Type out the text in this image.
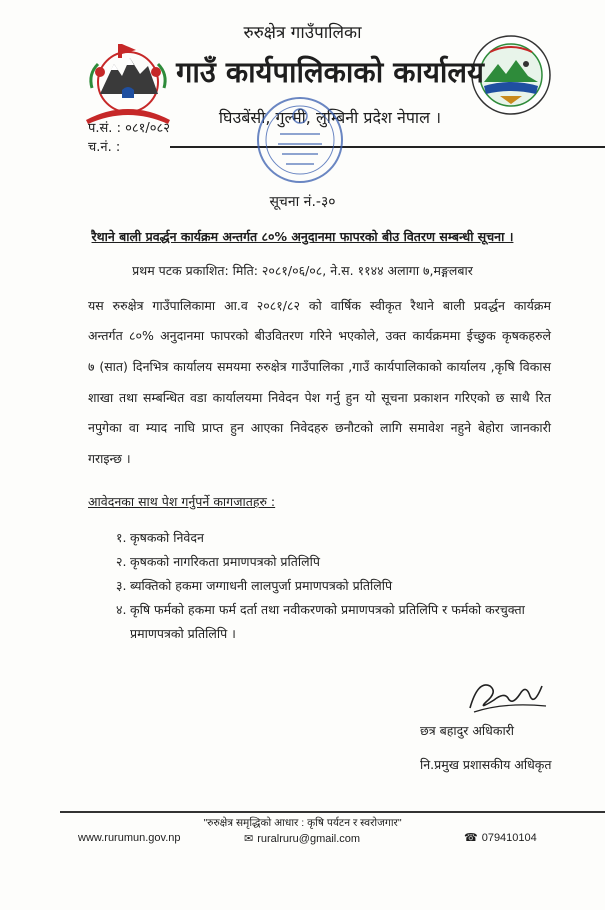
रुरुक्षेत्र गाउँपालिका
गाउँ कार्यपालिकाको कार्यालय
घिउबेंसी, गुल्मी, लुम्बिनी प्रदेश नेपाल ।
प.सं. : ०८१/०८२
च.नं. :
सूचना नं.-३०
रैथाने बाली प्रवर्द्धन कार्यक्रम अन्तर्गत ८०% अनुदानमा फापरको बीउ वितरण सम्बन्धी सूचना ।
प्रथम पटक प्रकाशित: मिति: २०८१/०६/०८, ने.स. ११४४ अलागा ७,मङ्गलबार
यस रुरुक्षेत्र गाउँपालिकामा आ.व २०८१/८२ को वार्षिक स्वीकृत रैथाने बाली प्रवर्द्धन कार्यक्रम
अन्तर्गत ८०% अनुदानमा फापरको बीउवितरण गरिने भएकोले, उक्त कार्यक्रममा ईच्छुक कृषकहरुले
७ (सात) दिनभित्र कार्यालय समयमा रुरुक्षेत्र गाउँपालिका ,गाउँ कार्यपालिकाको कार्यालय ,कृषि विकास
शाखा तथा सम्बन्धित वडा कार्यालयमा निवेदन पेश गर्नु हुन यो सूचना प्रकाशन गरिएको छ साथै रित
नपुगेका वा म्याद नाघि प्राप्त हुन आएका निवेदहरु छनौटको लागि समावेश नहुने बेहोरा जानकारी
गराइन्छ ।
आवेदनका साथ पेश गर्नुपर्ने कागजातहरु :
१. कृषकको निवेदन
२. कृषकको नागरिकता प्रमाणपत्रको प्रतिलिपि
३. ब्यक्तिको हकमा जग्गाधनी लालपुर्जा प्रमाणपत्रको प्रतिलिपि
४. कृषि फर्मको हकमा फर्म दर्ता तथा नवीकरणको प्रमाणपत्रको प्रतिलिपि र फर्मको करचुक्ता
प्रमाणपत्रको प्रतिलिपि ।
छत्र बहादुर अधिकारी
नि.प्रमुख प्रशासकीय अधिकृत
"रुरुक्षेत्र समृद्धिको आधार : कृषि पर्यटन र स्वरोजगार"
www.rurumun.gov.np	✉ ruralruru@gmail.com	☎ 079410104
